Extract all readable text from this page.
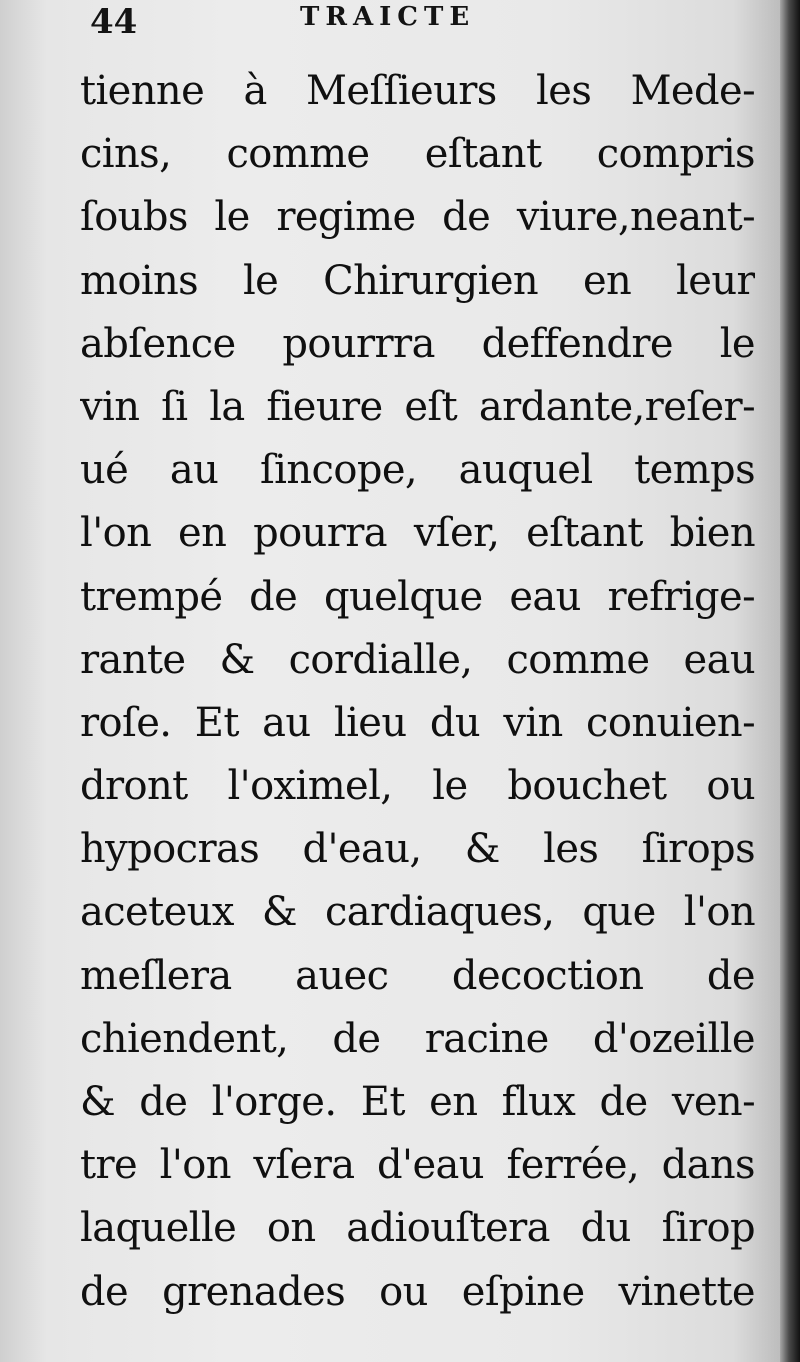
44	TRAICTE
tienne à Meſſieurs les Mede-
cins, comme eſtant compris
ſoubs le regime de viure,neant-
moins le Chirurgien en leur
abſence pourrra deffendre le
vin ſi la fieure eſt ardante,reſer-
ué au ſincope, auquel temps
l'on en pourra vſer, eſtant bien
trempé de quelque eau refrige-
rante & cordialle, comme eau
roſe. Et au lieu du vin conuien-
dront l'oximel, le bouchet ou
hypocras d'eau, & les ſirops
aceteux & cardiaques, que l'on
meſlera auec decoction de
chiendent, de racine d'ozeille
& de l'orge. Et en flux de ven-
tre l'on vſera d'eau ferrée, dans
laquelle on adiouſtera du ſirop
de grenades ou eſpine vinette
